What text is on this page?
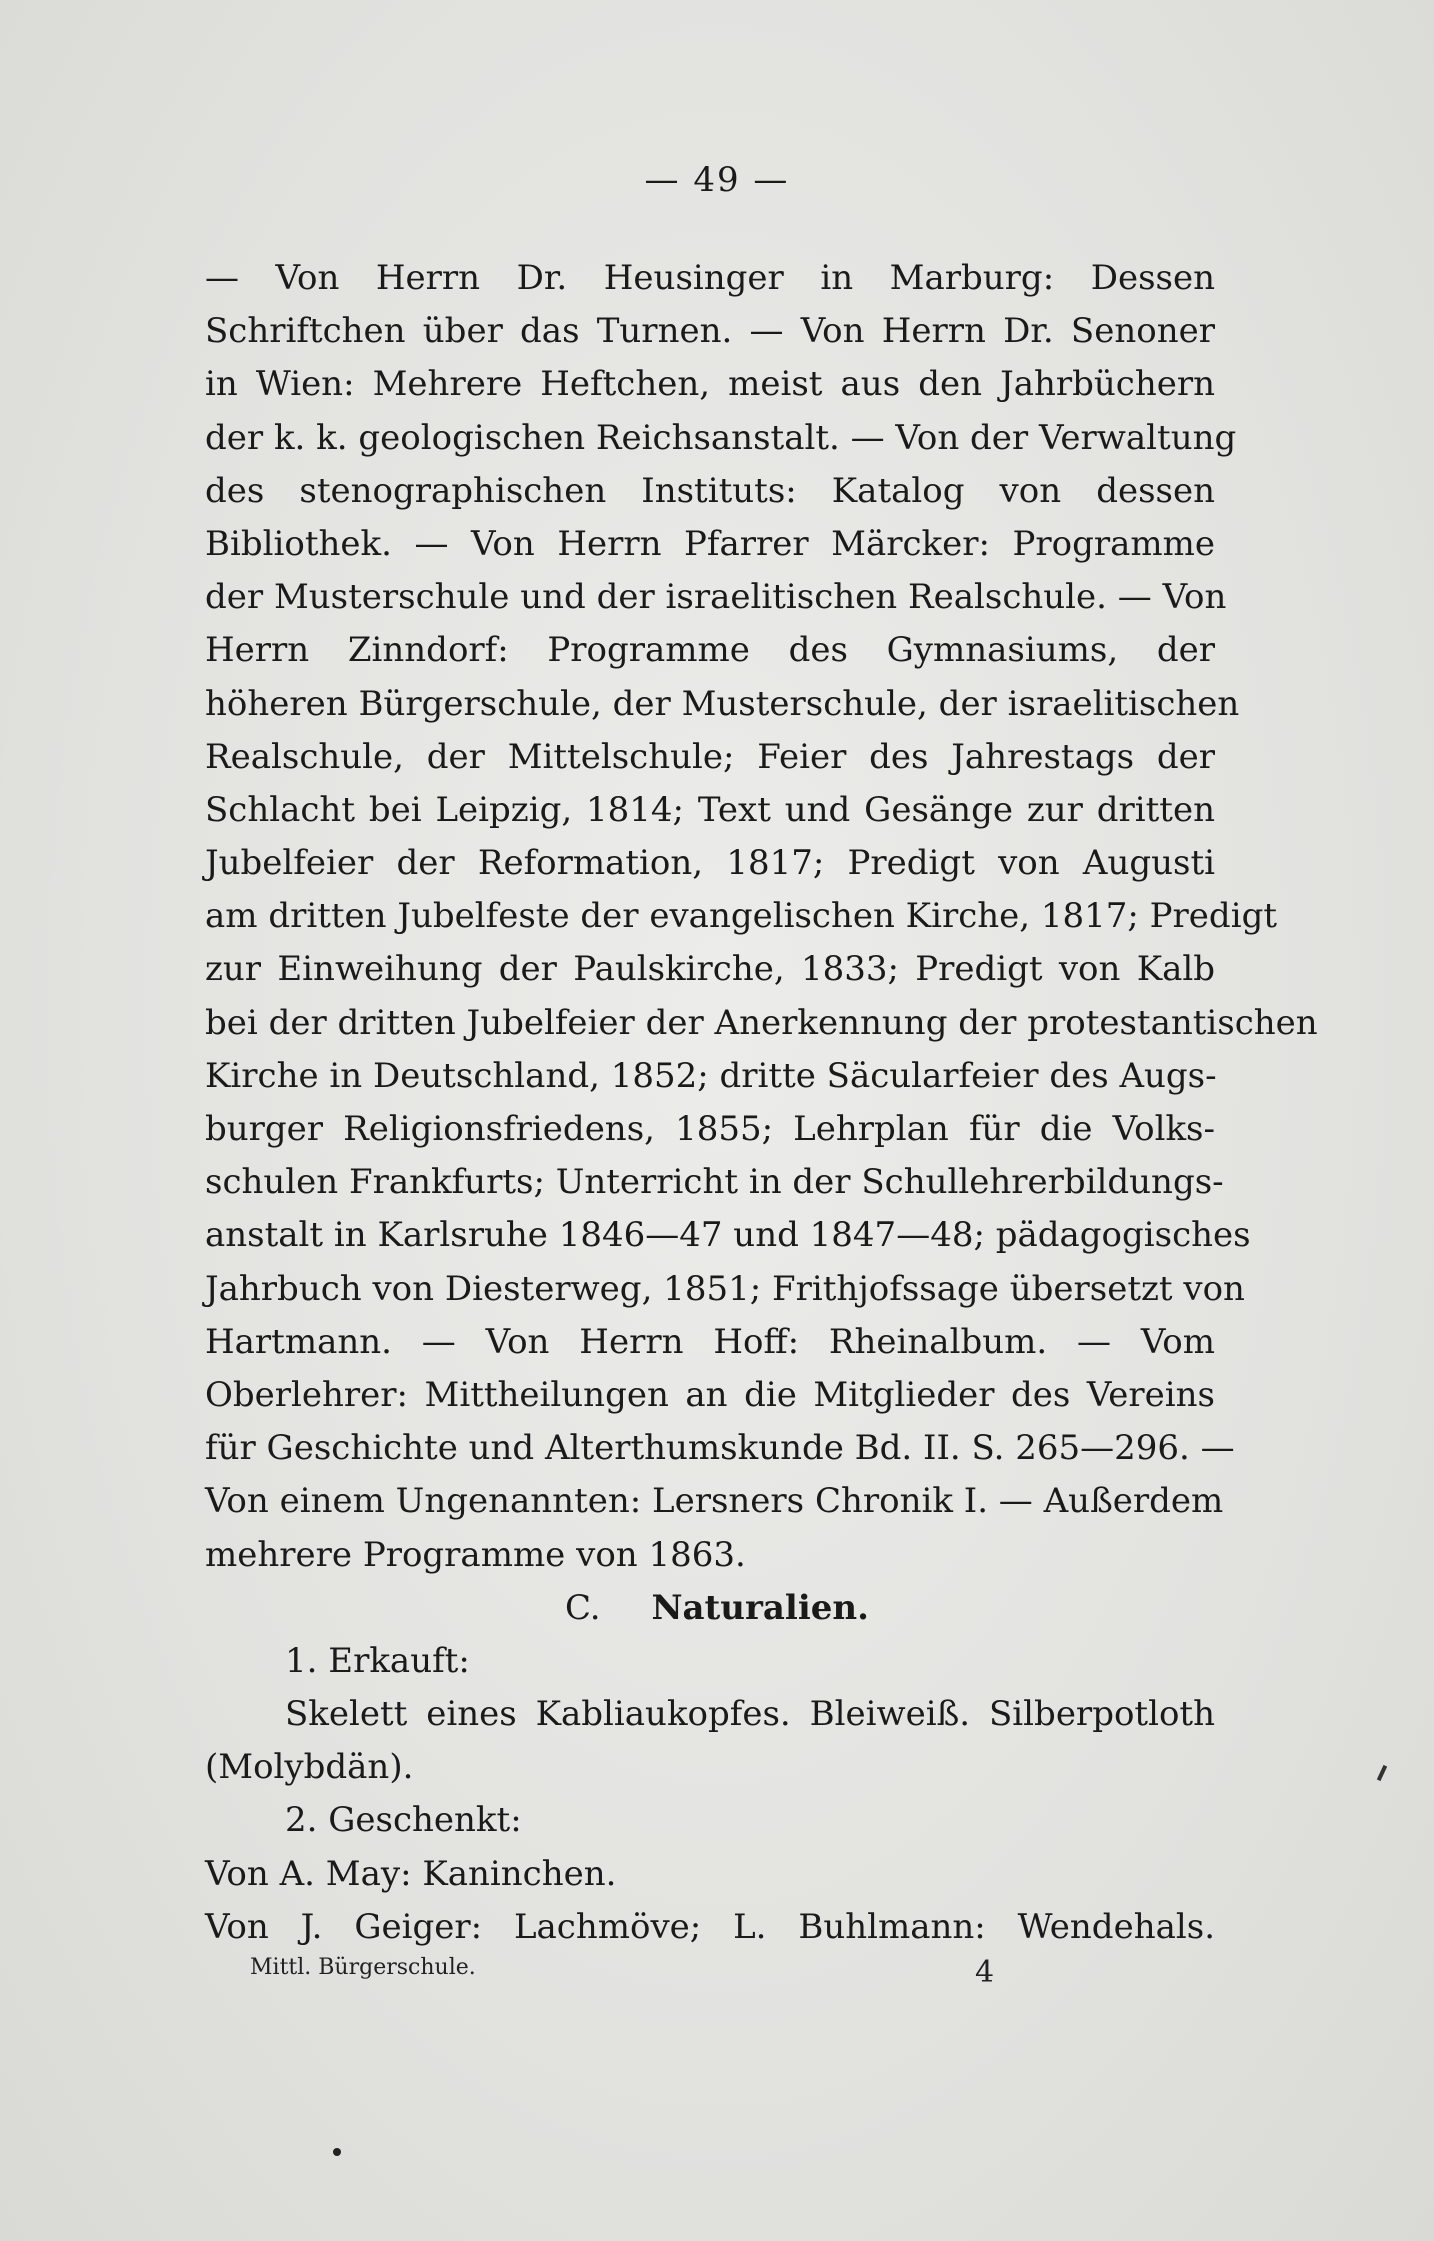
— 49 —
— Von Herrn Dr. Heusinger in Marburg: Dessen
Schriftchen über das Turnen. — Von Herrn Dr. Senoner
in Wien: Mehrere Heftchen, meist aus den Jahrbüchern
der k. k. geologischen Reichsanstalt. — Von der Verwaltung
des stenographischen Instituts: Katalog von dessen
Bibliothek. — Von Herrn Pfarrer Märcker: Programme
der Musterschule und der israelitischen Realschule. — Von
Herrn Zinndorf: Programme des Gymnasiums, der
höheren Bürgerschule, der Musterschule, der israelitischen
Realschule, der Mittelschule; Feier des Jahrestags der
Schlacht bei Leipzig, 1814; Text und Gesänge zur dritten
Jubelfeier der Reformation, 1817; Predigt von Augusti
am dritten Jubelfeste der evangelischen Kirche, 1817; Predigt
zur Einweihung der Paulskirche, 1833; Predigt von Kalb
bei der dritten Jubelfeier der Anerkennung der protestantischen
Kirche in Deutschland, 1852; dritte Säcularfeier des Augs-
burger Religionsfriedens, 1855; Lehrplan für die Volks-
schulen Frankfurts; Unterricht in der Schullehrerbildungs-
anstalt in Karlsruhe 1846—47 und 1847—48; pädagogisches
Jahrbuch von Diesterweg, 1851; Frithjofssage übersetzt von
Hartmann. — Von Herrn Hoff: Rheinalbum. — Vom
Oberlehrer: Mittheilungen an die Mitglieder des Vereins
für Geschichte und Alterthumskunde Bd. II. S. 265—296. —
Von einem Ungenannten: Lersners Chronik I. — Außerdem
mehrere Programme von 1863.
C. Naturalien.
1. Erkauft:
Skelett eines Kabliaukopfes. Bleiweiß. Silberpotloth
(Molybdän).
2. Geschenkt:
Von A. May: Kaninchen.
Von J. Geiger: Lachmöve; L. Buhlmann: Wendehals.
Mittl. Bürgerschule.	4
